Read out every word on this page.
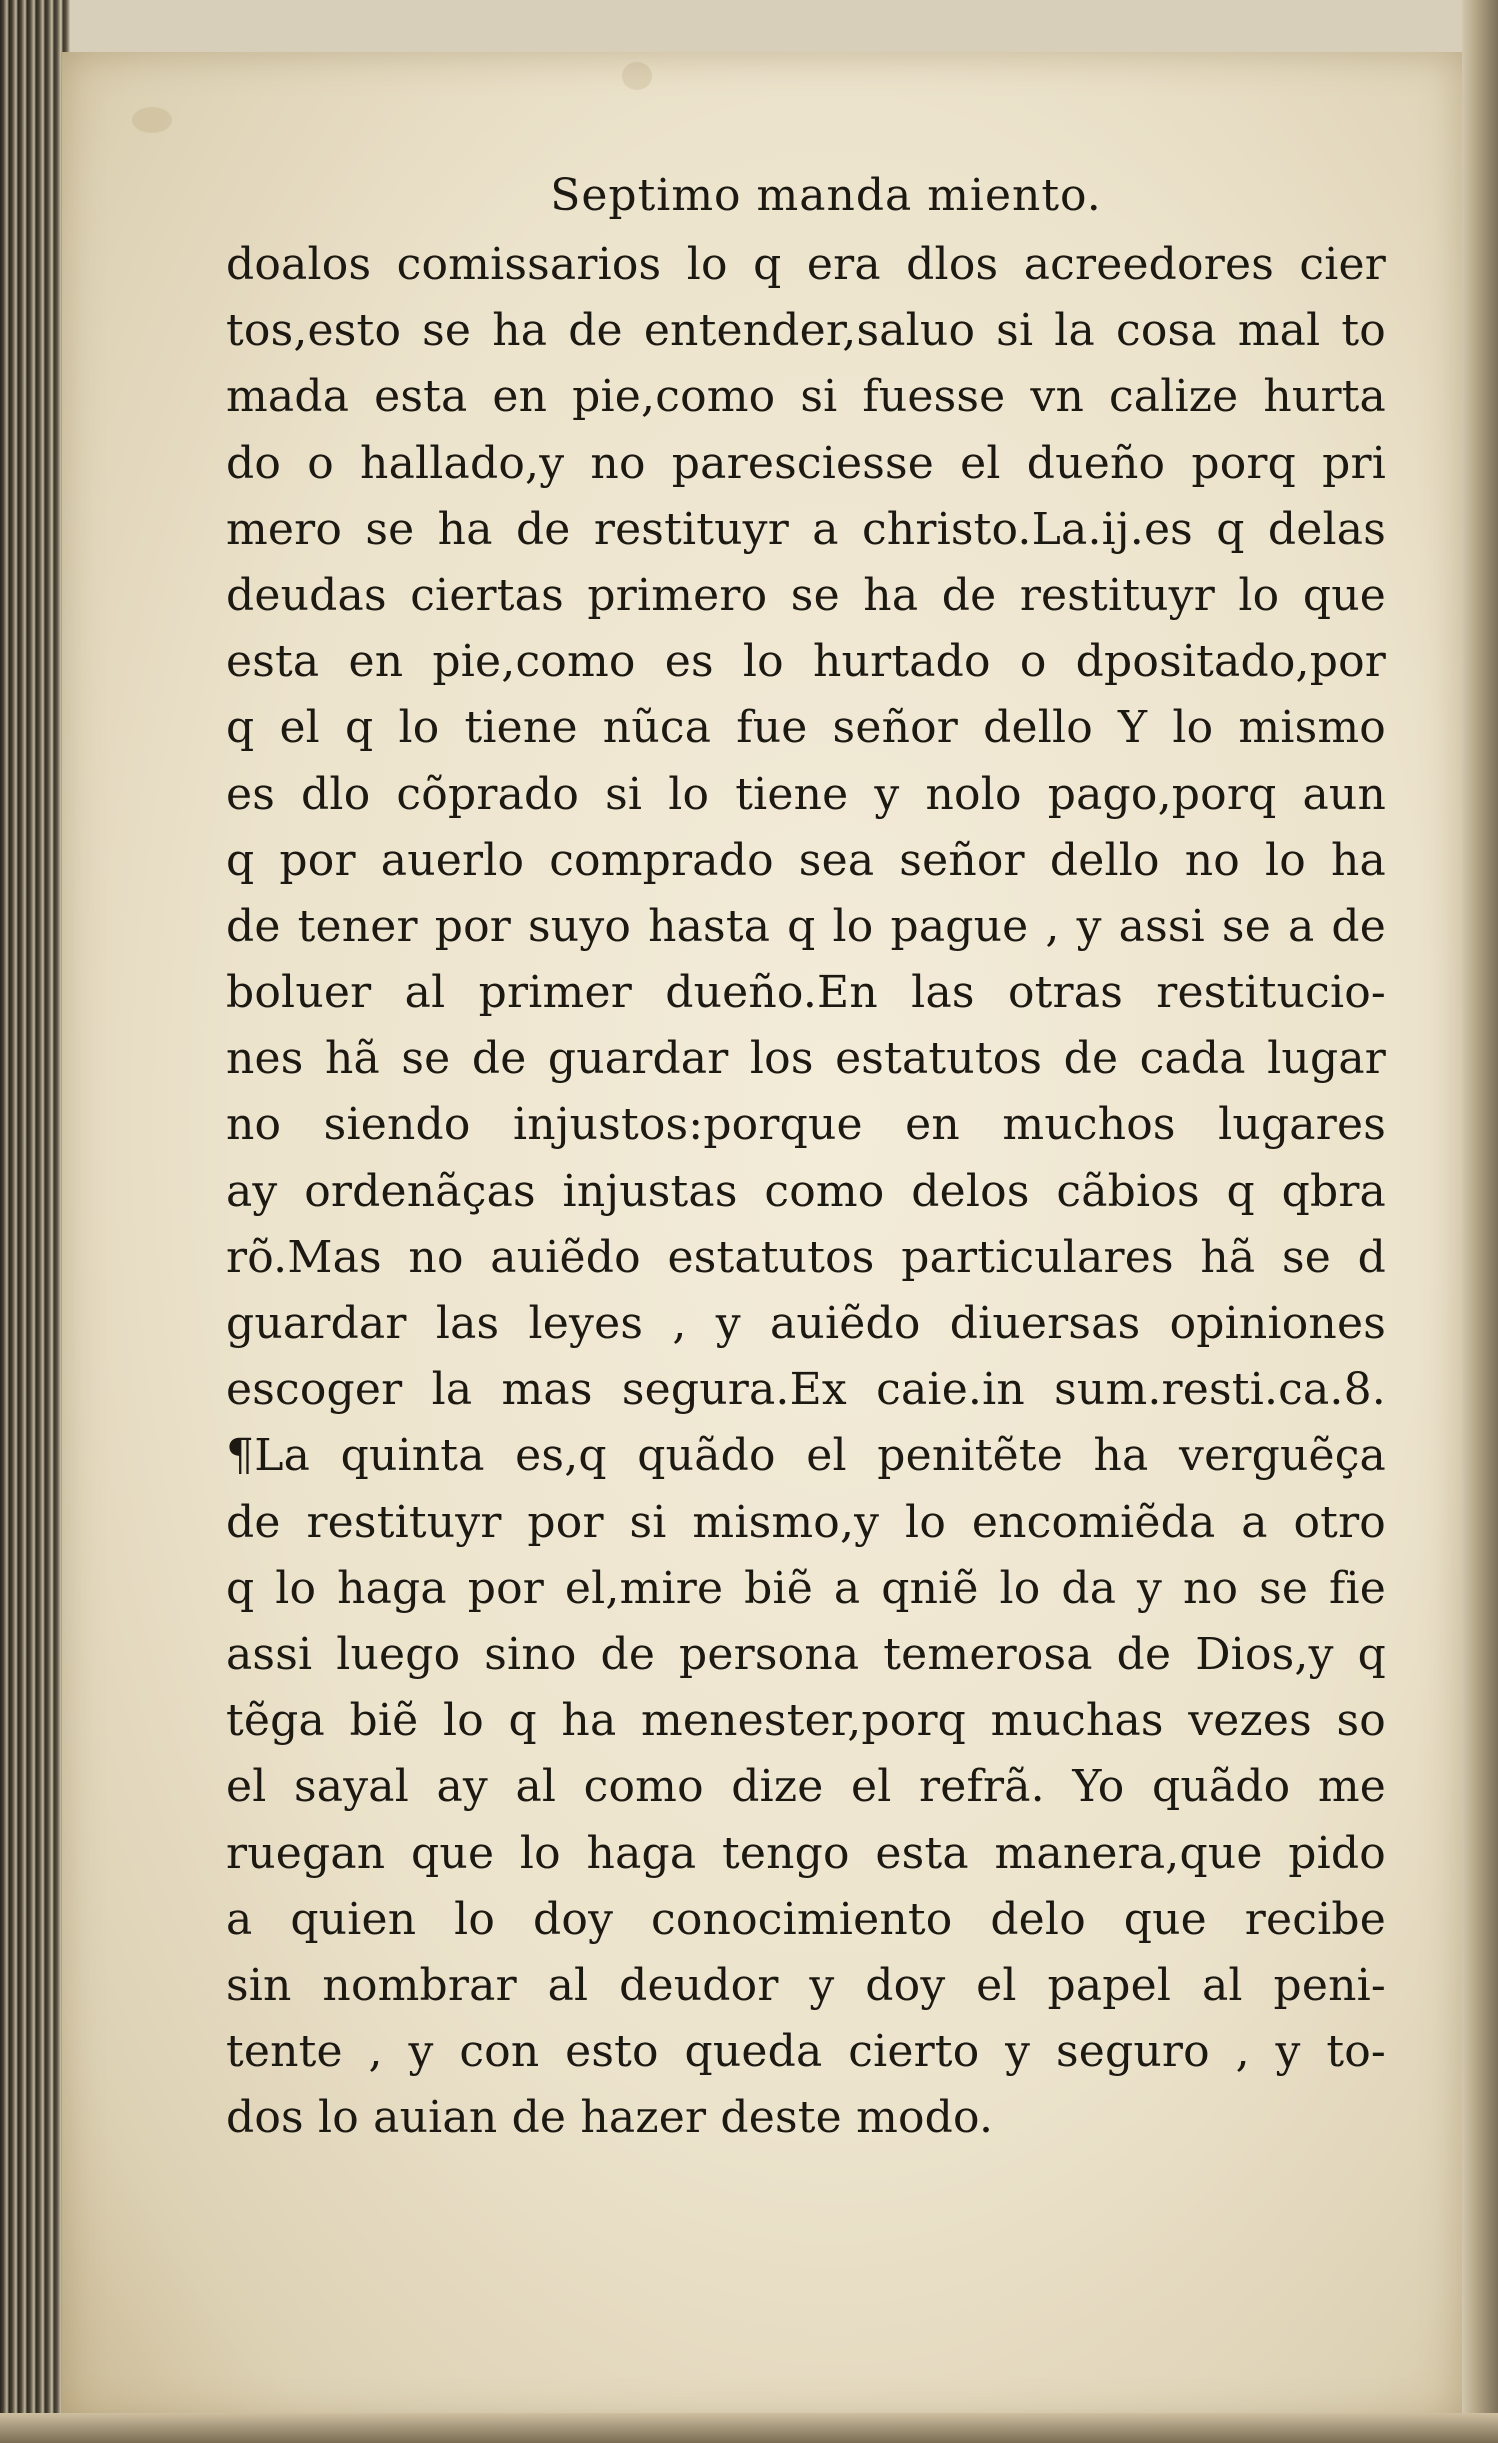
Septimo manda miento.
doalos comissarios lo q era dlos acreedores cier
tos,esto se ha de entender,saluo si la cosa mal to
mada esta en pie,como si fuesse vn calize hurta
do o hallado,y no paresciesse el dueño porq pri
mero se ha de restituyr a christo.La.ij.es q delas
deudas ciertas primero se ha de restituyr lo que
esta en pie,como es lo hurtado o dpositado,por
q el q lo tiene nũca fue señor dello Y lo mismo
es dlo cõprado si lo tiene y nolo pago,porq aun
q por auerlo comprado sea señor dello no lo ha
de tener por suyo hasta q lo pague , y assi se a de
boluer al primer dueño.En las otras restitucio-
nes hã se de guardar los estatutos de cada lugar
no siendo injustos:porque en muchos lugares
ay ordenãças injustas como delos cãbios q qbra
rõ.Mas no auiẽdo estatutos particulares hã se d
guardar las leyes , y auiẽdo diuersas opiniones
escoger la mas segura.Ex caie.in sum.resti.ca.8.
¶La quinta es,q quãdo el penitẽte ha verguẽça
de restituyr por si mismo,y lo encomiẽda a otro
q lo haga por el,mire biẽ a qniẽ lo da y no se fie
assi luego sino de persona temerosa de Dios,y q
tẽga biẽ lo q ha menester,porq muchas vezes so
el sayal ay al como dize el refrã. Yo quãdo me
ruegan que lo haga tengo esta manera,que pido
a quien lo doy conocimiento delo que recibe
sin nombrar al deudor y doy el papel al peni-
tente , y con esto queda cierto y seguro , y to-
dos lo auian de hazer deste modo.
